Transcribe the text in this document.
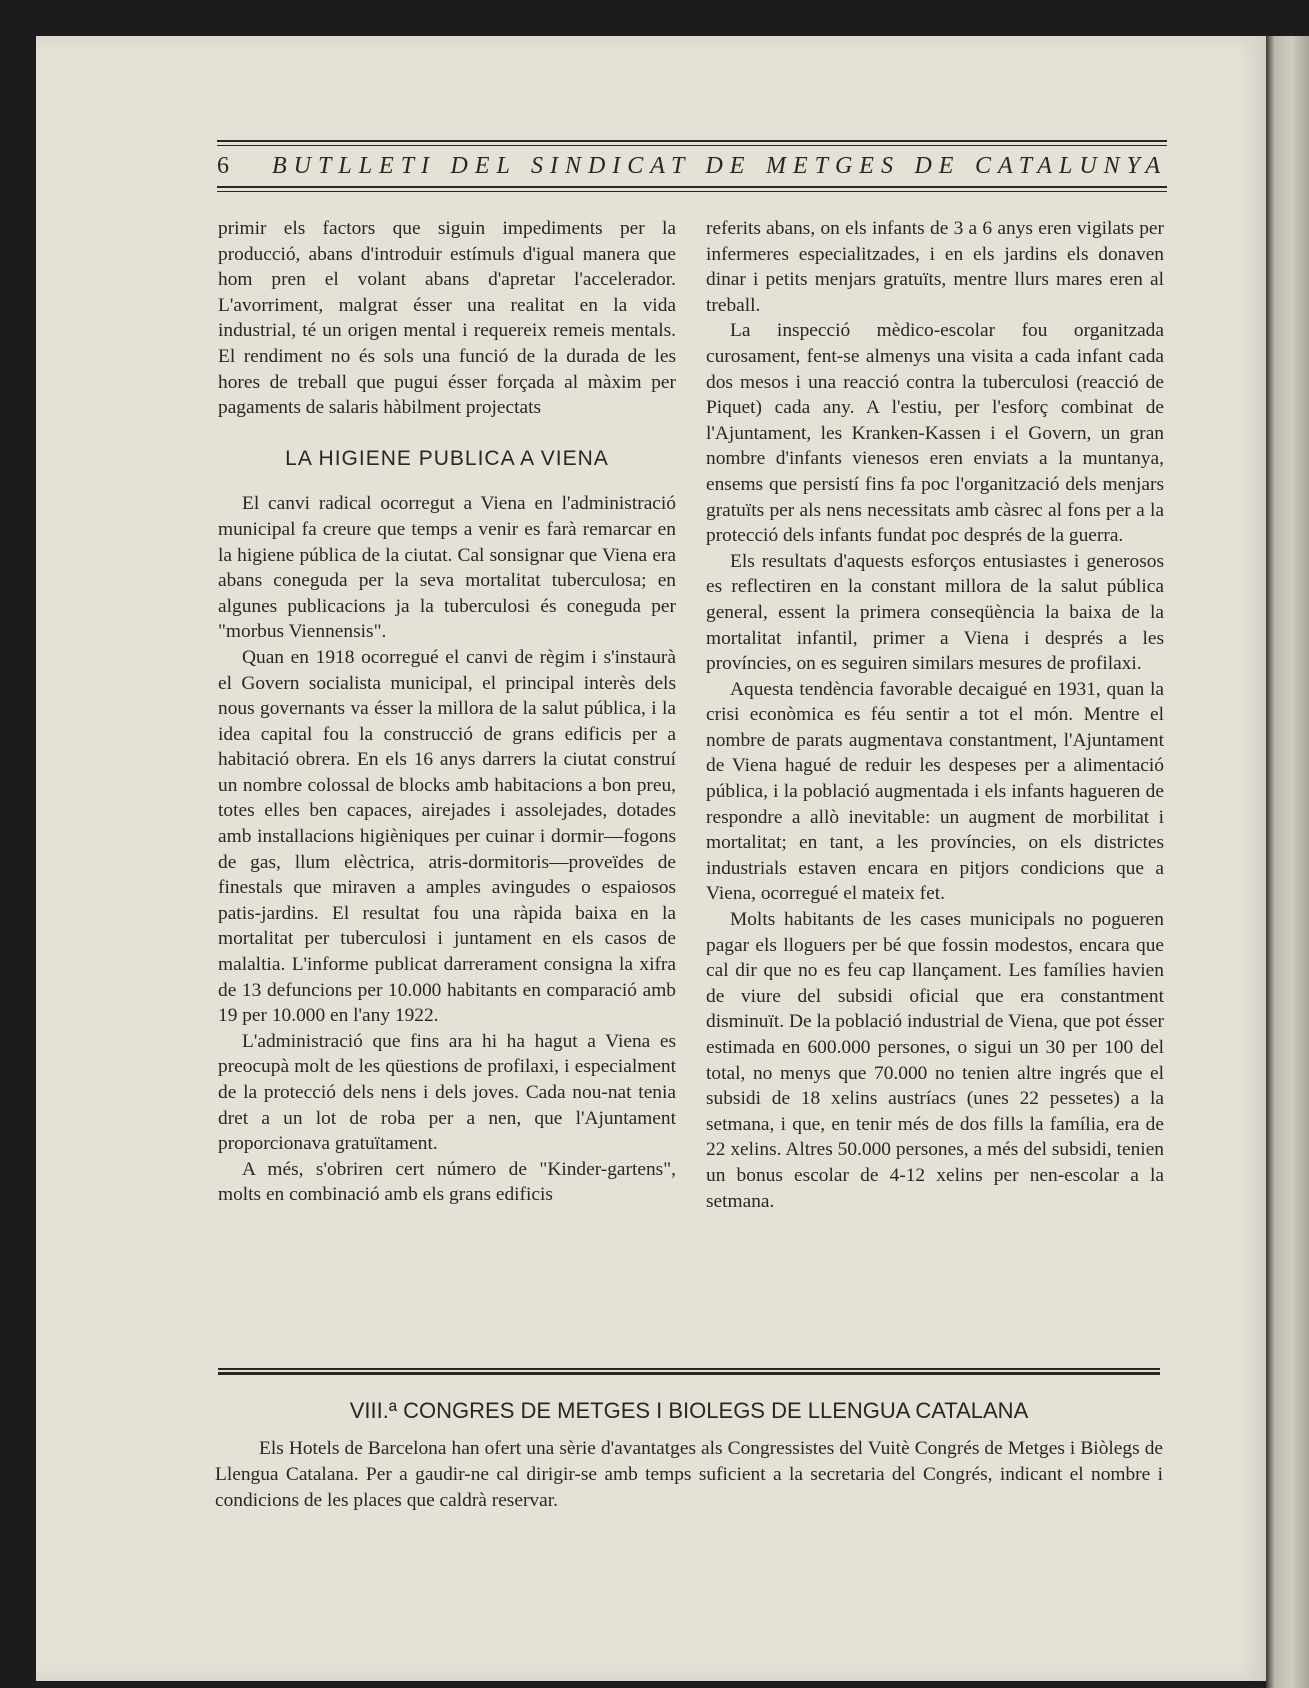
6	BUTLLETI DEL SINDICAT DE METGES DE CATALUNYA

primir els factors que siguin impediments per la producció, abans d'introduir estímuls d'igual manera que hom pren el volant abans d'apretar l'accelerador. L'avorriment, malgrat ésser una realitat en la vida industrial, té un origen mental i requereix remeis mentals. El rendiment no és sols una funció de la durada de les hores de treball que pugui ésser forçada al màxim per pagaments de salaris hàbilment projectats

LA HIGIENE PUBLICA A VIENA

El canvi radical ocorregut a Viena en l'administració municipal fa creure que temps a venir es farà remarcar en la higiene pública de la ciutat. Cal sonsignar que Viena era abans coneguda per la seva mortalitat tuberculosa; en algunes publicacions ja la tuberculosi és coneguda per "morbus Viennensis".

Quan en 1918 ocorregué el canvi de règim i s'instaurà el Govern socialista municipal, el principal interès dels nous governants va ésser la millora de la salut pública, i la idea capital fou la construcció de grans edificis per a habitació obrera. En els 16 anys darrers la ciutat construí un nombre colossal de blocks amb habitacions a bon preu, totes elles ben capaces, airejades i assolejades, dotades amb installacions higièniques per cuinar i dormir—fogons de gas, llum elèctrica, atris-dormitoris—proveïdes de finestals que miraven a amples avingudes o espaiosos patis-jardins. El resultat fou una ràpida baixa en la mortalitat per tuberculosi i juntament en els casos de malaltia. L'informe publicat darrerament consigna la xifra de 13 defuncions per 10.000 habitants en comparació amb 19 per 10.000 en l'any 1922.

L'administració que fins ara hi ha hagut a Viena es preocupà molt de les qüestions de profilaxi, i especialment de la protecció dels nens i dels joves. Cada nou-nat tenia dret a un lot de roba per a nen, que l'Ajuntament proporcionava gratuïtament.

A més, s'obriren cert número de "Kinder-gartens", molts en combinació amb els grans edificis

referits abans, on els infants de 3 a 6 anys eren vigilats per infermeres especialitzades, i en els jardins els donaven dinar i petits menjars gratuïts, mentre llurs mares eren al treball.

La inspecció mèdico-escolar fou organitzada curosament, fent-se almenys una visita a cada infant cada dos mesos i una reacció contra la tuberculosi (reacció de Piquet) cada any. A l'estiu, per l'esforç combinat de l'Ajuntament, les Kranken-Kassen i el Govern, un gran nombre d'infants vienesos eren enviats a la muntanya, ensems que persistí fins fa poc l'organització dels menjars gratuïts per als nens necessitats amb càsrec al fons per a la protecció dels infants fundat poc després de la guerra.

Els resultats d'aquests esforços entusiastes i generosos es reflectiren en la constant millora de la salut pública general, essent la primera conseqüència la baixa de la mortalitat infantil, primer a Viena i després a les províncies, on es seguiren similars mesures de profilaxi.

Aquesta tendència favorable decaigué en 1931, quan la crisi econòmica es féu sentir a tot el món. Mentre el nombre de parats augmentava constantment, l'Ajuntament de Viena hagué de reduir les despeses per a alimentació pública, i la població augmentada i els infants hagueren de respondre a allò inevitable: un augment de morbilitat i mortalitat; en tant, a les províncies, on els districtes industrials estaven encara en pitjors condicions que a Viena, ocorregué el mateix fet.

Molts habitants de les cases municipals no pogueren pagar els lloguers per bé que fossin modestos, encara que cal dir que no es feu cap llançament. Les famílies havien de viure del subsidi oficial que era constantment disminuït. De la població industrial de Viena, que pot ésser estimada en 600.000 persones, o sigui un 30 per 100 del total, no menys que 70.000 no tenien altre ingrés que el subsidi de 18 xelins austríacs (unes 22 pessetes) a la setmana, i que, en tenir més de dos fills la família, era de 22 xelins. Altres 50.000 persones, a més del subsidi, tenien un bonus escolar de 4-12 xelins per nen-escolar a la setmana.

VIII.ª CONGRES DE METGES I BIOLEGS DE LLENGUA CATALANA

Els Hotels de Barcelona han ofert una sèrie d'avantatges als Congressistes del Vuitè Congrés de Metges i Biòlegs de Llengua Catalana. Per a gaudir-ne cal dirigir-se amb temps suficient a la secretaria del Congrés, indicant el nombre i condicions de les places que caldrà reservar.
